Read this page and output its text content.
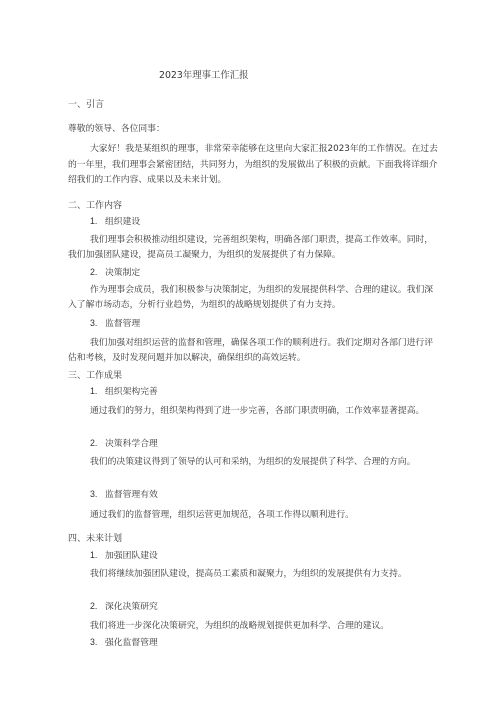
2023年理事工作汇报
一、引言
尊敬的领导、各位同事：
大家好！我是某组织的理事，非常荣幸能够在这里向大家汇报2023年的工作情况。在过去的一年里，我们理事会紧密团结，共同努力，为组织的发展做出了积极的贡献。下面我将详细介绍我们的工作内容、成果以及未来计划。
二、工作内容
1. 组织建设
我们理事会积极推动组织建设，完善组织架构，明确各部门职责，提高工作效率。同时，我们加强团队建设，提高员工凝聚力，为组织的发展提供了有力保障。
2. 决策制定
作为理事会成员，我们积极参与决策制定，为组织的发展提供科学、合理的建议。我们深入了解市场动态，分析行业趋势，为组织的战略规划提供了有力支持。
3. 监督管理
我们加强对组织运营的监督和管理，确保各项工作的顺利进行。我们定期对各部门进行评估和考核，及时发现问题并加以解决，确保组织的高效运转。
三、工作成果
1. 组织架构完善
通过我们的努力，组织架构得到了进一步完善，各部门职责明确，工作效率显著提高。
2. 决策科学合理
我们的决策建议得到了领导的认可和采纳，为组织的发展提供了科学、合理的方向。
3. 监督管理有效
通过我们的监督管理，组织运营更加规范，各项工作得以顺利进行。
四、未来计划
1. 加强团队建设
我们将继续加强团队建设，提高员工素质和凝聚力，为组织的发展提供有力支持。
2. 深化决策研究
我们将进一步深化决策研究，为组织的战略规划提供更加科学、合理的建议。
3. 强化监督管理
